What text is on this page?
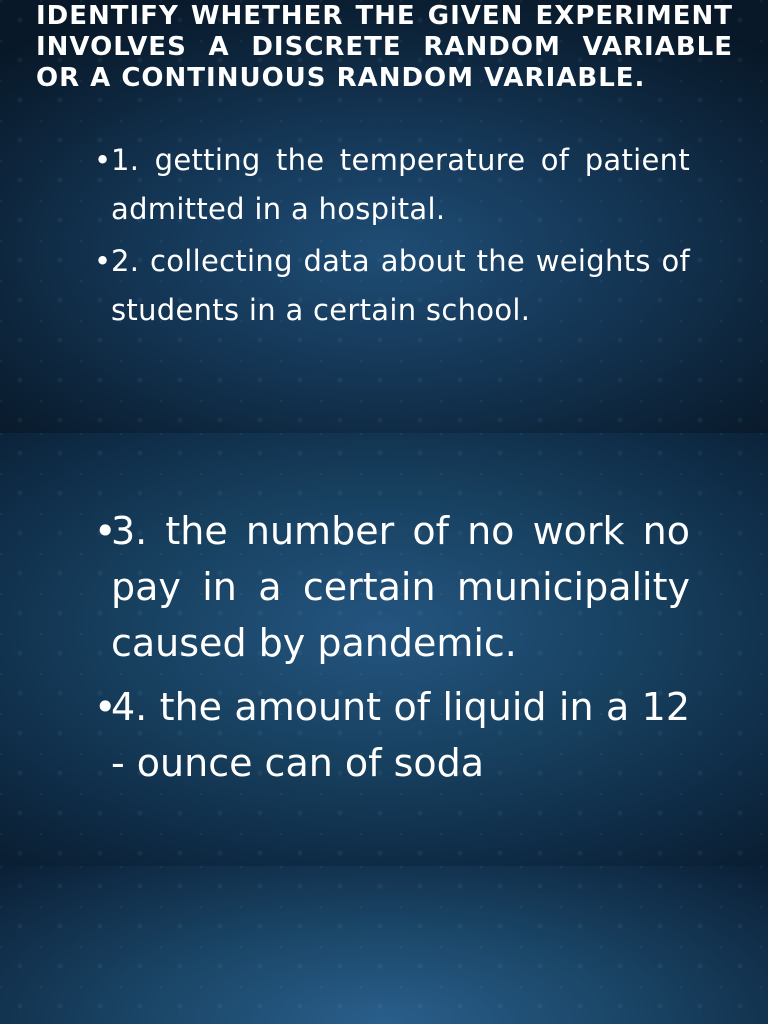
IDENTIFY WHETHER THE GIVEN EXPERIMENT INVOLVES A DISCRETE RANDOM VARIABLE OR A CONTINUOUS RANDOM VARIABLE.
• 1. getting the temperature of patient admitted in a hospital.
• 2. collecting data about the weights of students in a certain school.
•
3. the number of no work no pay in a certain municipality caused by pandemic.
•
4. the amount of liquid in a 12 - ounce can of soda
